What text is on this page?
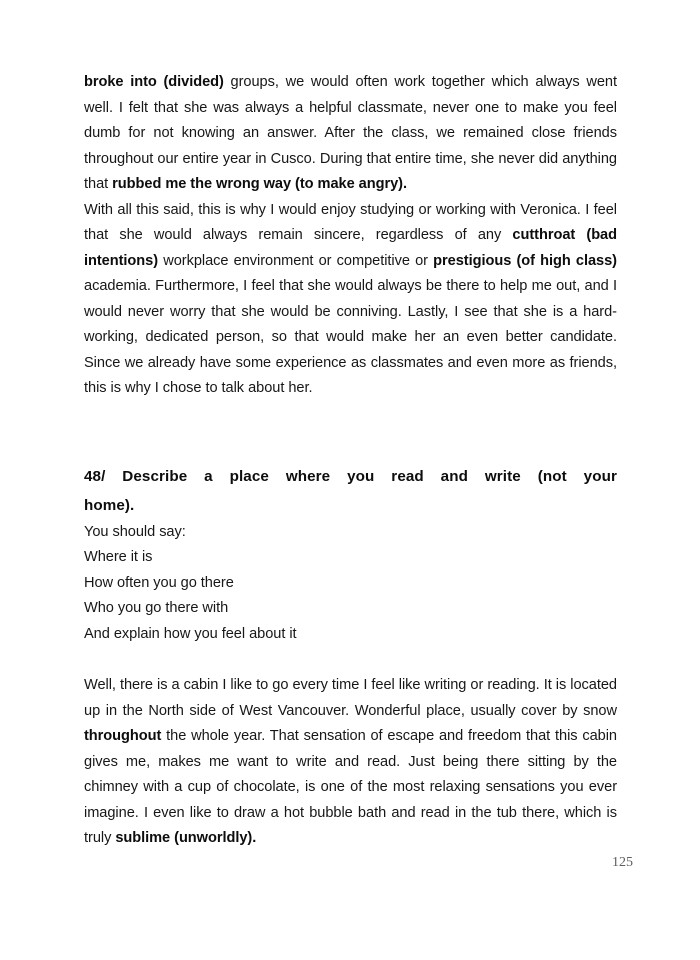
broke into (divided) groups, we would often work together which always went well. I felt that she was always a helpful classmate, never one to make you feel dumb for not knowing an answer. After the class, we remained close friends throughout our entire year in Cusco. During that entire time, she never did anything that rubbed me the wrong way (to make angry).

With all this said, this is why I would enjoy studying or working with Veronica. I feel that she would always remain sincere, regardless of any cutthroat (bad intentions) workplace environment or competitive or prestigious (of high class) academia. Furthermore, I feel that she would always be there to help me out, and I would never worry that she would be conniving. Lastly, I see that she is a hard-working, dedicated person, so that would make her an even better candidate. Since we already have some experience as classmates and even more as friends, this is why I chose to talk about her.

48/ Describe a place where you read and write (not your
home).
You should say:
Where it is
How often you go there
Who you go there with
And explain how you feel about it

Well, there is a cabin I like to go every time I feel like writing or reading. It is located up in the North side of West Vancouver. Wonderful place, usually cover by snow throughout the whole year. That sensation of escape and freedom that this cabin gives me, makes me want to write and read. Just being there sitting by the chimney with a cup of chocolate, is one of the most relaxing sensations you ever imagine. I even like to draw a hot bubble bath and read in the tub there, which is truly sublime (unworldly).

125
